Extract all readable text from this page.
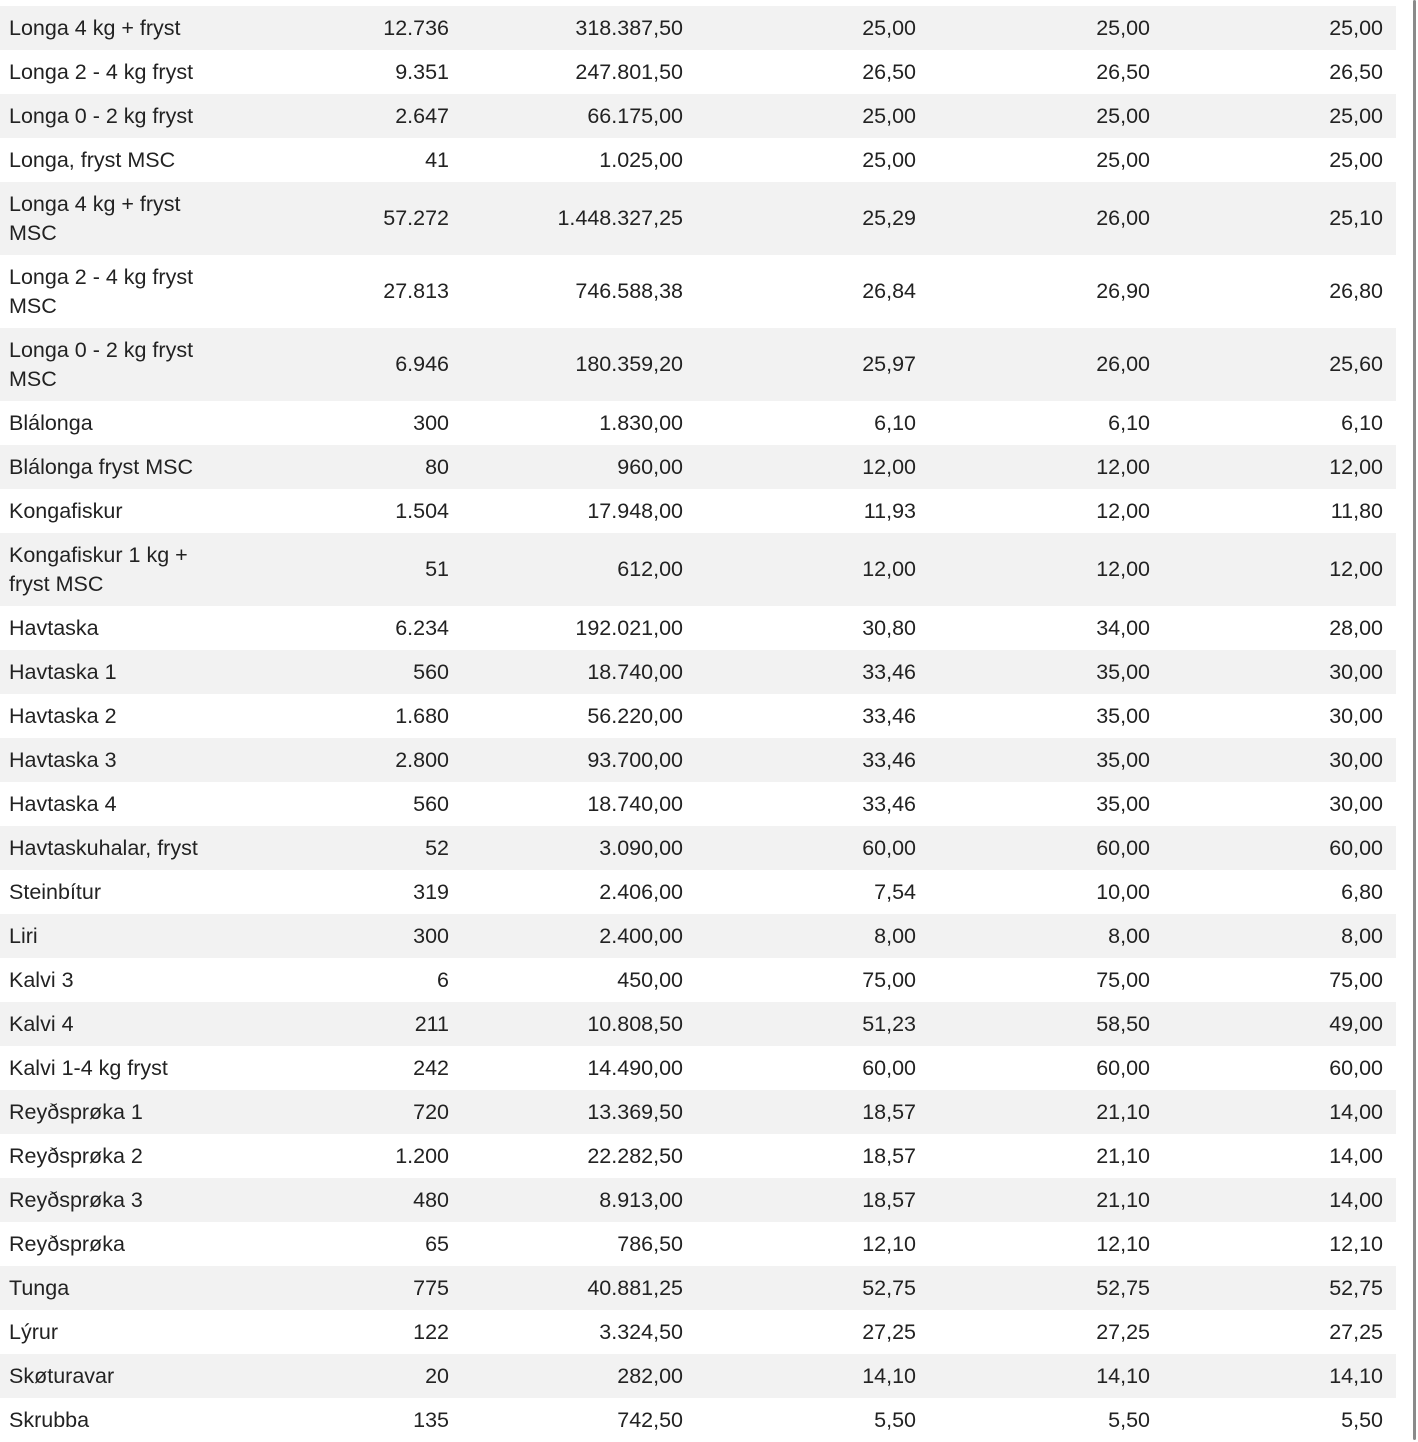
Longa 4 kg + fryst	12.736	318.387,50	25,00	25,00	25,00
Longa 2 - 4 kg fryst	9.351	247.801,50	26,50	26,50	26,50
Longa 0 - 2 kg fryst	2.647	66.175,00	25,00	25,00	25,00
Longa, fryst MSC	41	1.025,00	25,00	25,00	25,00
Longa 4 kg + fryst MSC	57.272	1.448.327,25	25,29	26,00	25,10
Longa 2 - 4 kg fryst MSC	27.813	746.588,38	26,84	26,90	26,80
Longa 0 - 2 kg fryst MSC	6.946	180.359,20	25,97	26,00	25,60
Blálonga	300	1.830,00	6,10	6,10	6,10
Blálonga fryst MSC	80	960,00	12,00	12,00	12,00
Kongafiskur	1.504	17.948,00	11,93	12,00	11,80
Kongafiskur 1 kg + fryst MSC	51	612,00	12,00	12,00	12,00
Havtaska	6.234	192.021,00	30,80	34,00	28,00
Havtaska 1	560	18.740,00	33,46	35,00	30,00
Havtaska 2	1.680	56.220,00	33,46	35,00	30,00
Havtaska 3	2.800	93.700,00	33,46	35,00	30,00
Havtaska 4	560	18.740,00	33,46	35,00	30,00
Havtaskuhalar, fryst	52	3.090,00	60,00	60,00	60,00
Steinbítur	319	2.406,00	7,54	10,00	6,80
Liri	300	2.400,00	8,00	8,00	8,00
Kalvi 3	6	450,00	75,00	75,00	75,00
Kalvi 4	211	10.808,50	51,23	58,50	49,00
Kalvi 1-4 kg fryst	242	14.490,00	60,00	60,00	60,00
Reyðsprøka 1	720	13.369,50	18,57	21,10	14,00
Reyðsprøka 2	1.200	22.282,50	18,57	21,10	14,00
Reyðsprøka 3	480	8.913,00	18,57	21,10	14,00
Reyðsprøka	65	786,50	12,10	12,10	12,10
Tunga	775	40.881,25	52,75	52,75	52,75
Lýrur	122	3.324,50	27,25	27,25	27,25
Skøturavar	20	282,00	14,10	14,10	14,10
Skrubba	135	742,50	5,50	5,50	5,50
